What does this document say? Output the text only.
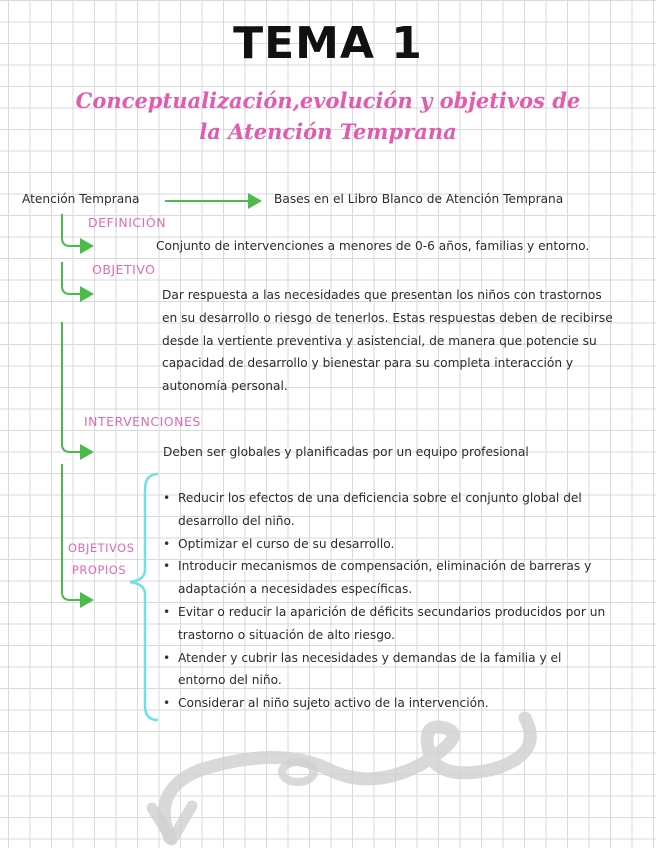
TEMA 1
Conceptualización,evolución y objetivos de
la Atención Temprana
Atención Temprana	Bases en el Libro Blanco de Atención Temprana
DEFINICIÓN
Conjunto de intervenciones a menores de 0-6 años, familias y entorno.
OBJETIVO
Dar respuesta a las necesidades que presentan los niños con trastornos
en su desarrollo o riesgo de tenerlos. Estas respuestas deben de recibirse
desde la vertiente preventiva y asistencial, de manera que potencie su
capacidad de desarrollo y bienestar para su completa interacción y
autonomía personal.
INTERVENCIONES
Deben ser globales y planificadas por un equipo profesional
OBJETIVOS
PROPIOS
• Reducir los efectos de una deficiencia sobre el conjunto global del
desarrollo del niño.
• Optimizar el curso de su desarrollo.
• Introducir mecanismos de compensación, eliminación de barreras y
adaptación a necesidades específicas.
• Evitar o reducir la aparición de déficits secundarios producidos por un
trastorno o situación de alto riesgo.
• Atender y cubrir las necesidades y demandas de la familia y el
entorno del niño.
• Considerar al niño sujeto activo de la intervención.
